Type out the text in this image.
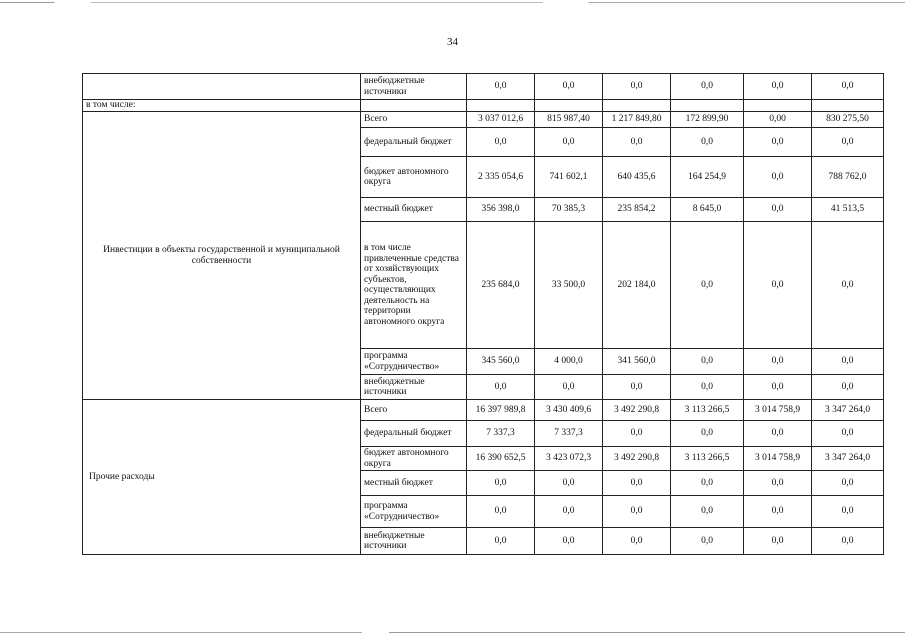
34
	внебюджетные источники	0,0	0,0	0,0	0,0	0,0	0,0
в том числе:							
Инвестиции в объекты государственной и муниципальной собственности	Всего	3 037 012,6	815 987,40	1 217 849,80	172 899,90	0,00	830 275,50
	федеральный бюджет	0,0	0,0	0,0	0,0	0,0	0,0
	бюджет автономного округа	2 335 054,6	741 602,1	640 435,6	164 254,9	0,0	788 762,0
	местный бюджет	356 398,0	70 385,3	235 854,2	8 645,0	0,0	41 513,5
	в том числе привлеченные средства от хозяйствующих субъектов, осуществляющих деятельность на территории автономного округа	235 684,0	33 500,0	202 184,0	0,0	0,0	0,0
	программа «Сотрудничество»	345 560,0	4 000,0	341 560,0	0,0	0,0	0,0
	внебюджетные источники	0,0	0,0	0,0	0,0	0,0	0,0
Прочие расходы	Всего	16 397 989,8	3 430 409,6	3 492 290,8	3 113 266,5	3 014 758,9	3 347 264,0
	федеральный бюджет	7 337,3	7 337,3	0,0	0,0	0,0	0,0
	бюджет автономного округа	16 390 652,5	3 423 072,3	3 492 290,8	3 113 266,5	3 014 758,9	3 347 264,0
	местный бюджет	0,0	0,0	0,0	0,0	0,0	0,0
	программа «Сотрудничество»	0,0	0,0	0,0	0,0	0,0	0,0
	внебюджетные источники	0,0	0,0	0,0	0,0	0,0	0,0
